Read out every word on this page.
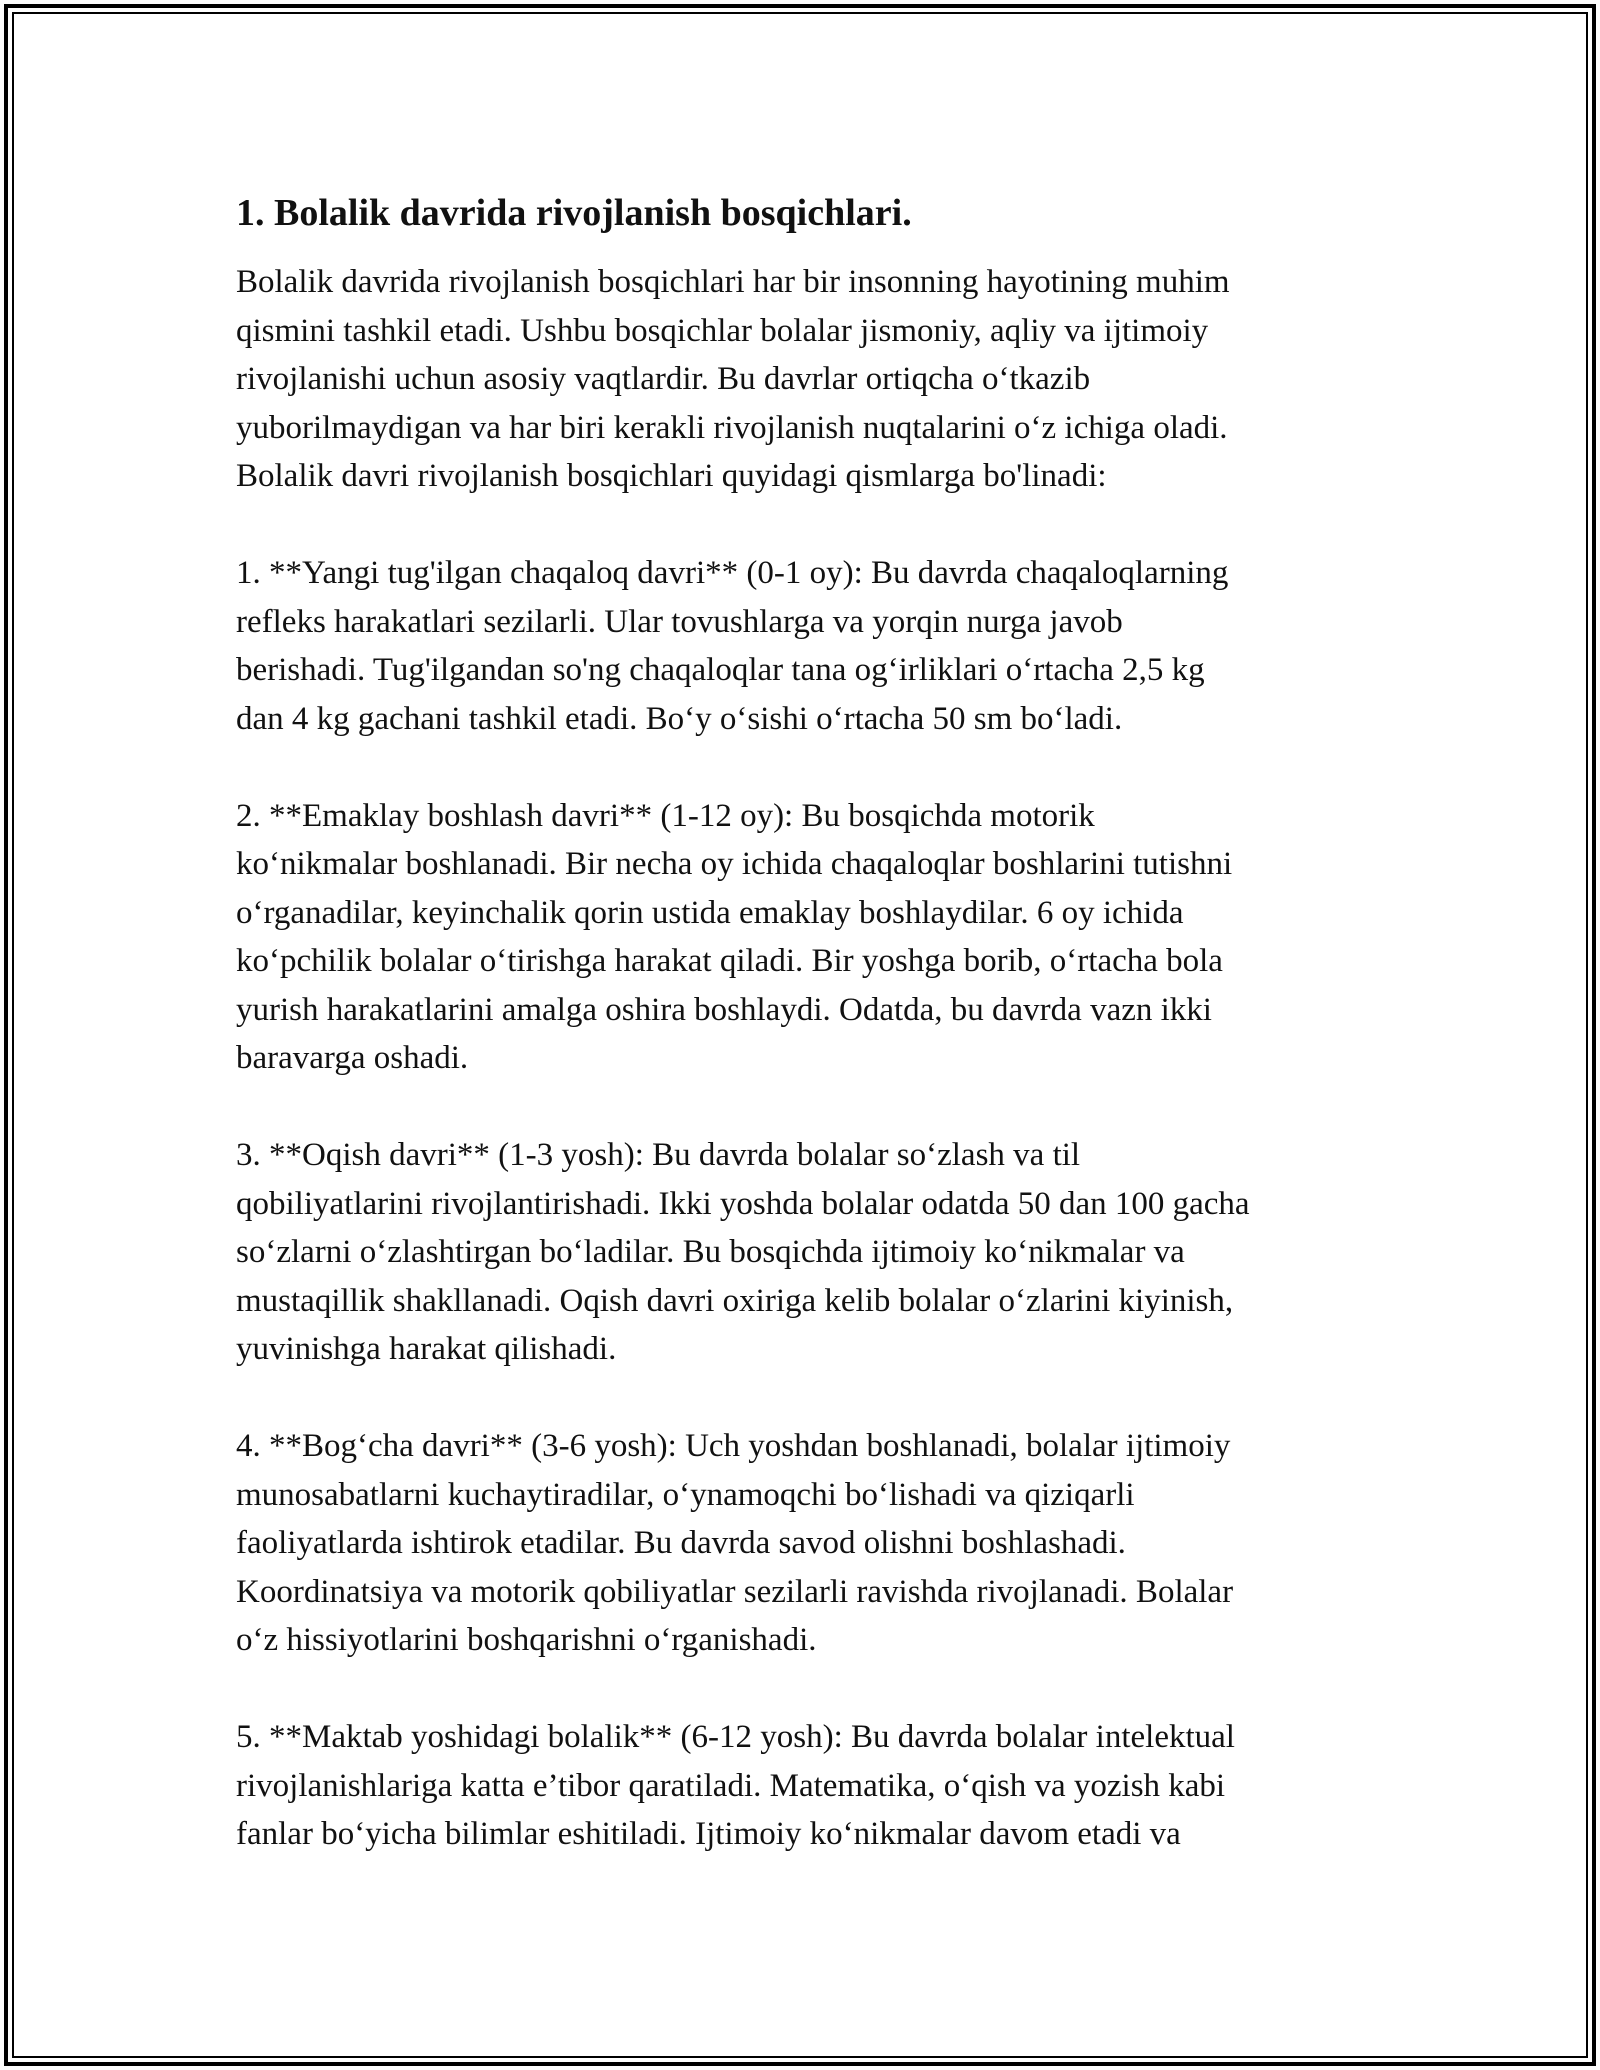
1. Bolalik davrida rivojlanish bosqichlari.

Bolalik davrida rivojlanish bosqichlari har bir insonning hayotining muhim
qismini tashkil etadi. Ushbu bosqichlar bolalar jismoniy, aqliy va ijtimoiy
rivojlanishi uchun asosiy vaqtlardir. Bu davrlar ortiqcha o‘tkazib
yuborilmaydigan va har biri kerakli rivojlanish nuqtalarini o‘z ichiga oladi.
Bolalik davri rivojlanish bosqichlari quyidagi qismlarga bo'linadi:

1. **Yangi tug'ilgan chaqaloq davri** (0-1 oy): Bu davrda chaqaloqlarning
refleks harakatlari sezilarli. Ular tovushlarga va yorqin nurga javob
berishadi. Tug'ilgandan so'ng chaqaloqlar tana og‘irliklari o‘rtacha 2,5 kg
dan 4 kg gachani tashkil etadi. Bo‘y o‘sishi o‘rtacha 50 sm bo‘ladi.

2. **Emaklay boshlash davri** (1-12 oy): Bu bosqichda motorik
ko‘nikmalar boshlanadi. Bir necha oy ichida chaqaloqlar boshlarini tutishni
o‘rganadilar, keyinchalik qorin ustida emaklay boshlaydilar. 6 oy ichida
ko‘pchilik bolalar o‘tirishga harakat qiladi. Bir yoshga borib, o‘rtacha bola
yurish harakatlarini amalga oshira boshlaydi. Odatda, bu davrda vazn ikki
baravarga oshadi.

3. **Oqish davri** (1-3 yosh): Bu davrda bolalar so‘zlash va til
qobiliyatlarini rivojlantirishadi. Ikki yoshda bolalar odatda 50 dan 100 gacha
so‘zlarni o‘zlashtirgan bo‘ladilar. Bu bosqichda ijtimoiy ko‘nikmalar va
mustaqillik shakllanadi. Oqish davri oxiriga kelib bolalar o‘zlarini kiyinish,
yuvinishga harakat qilishadi.

4. **Bog‘cha davri** (3-6 yosh): Uch yoshdan boshlanadi, bolalar ijtimoiy
munosabatlarni kuchaytiradilar, o‘ynamoqchi bo‘lishadi va qiziqarli
faoliyatlarda ishtirok etadilar. Bu davrda savod olishni boshlashadi.
Koordinatsiya va motorik qobiliyatlar sezilarli ravishda rivojlanadi. Bolalar
o‘z hissiyotlarini boshqarishni o‘rganishadi.

5. **Maktab yoshidagi bolalik** (6-12 yosh): Bu davrda bolalar intelektual
rivojlanishlariga katta e’tibor qaratiladi. Matematika, o‘qish va yozish kabi
fanlar bo‘yicha bilimlar eshitiladi. Ijtimoiy ko‘nikmalar davom etadi va
